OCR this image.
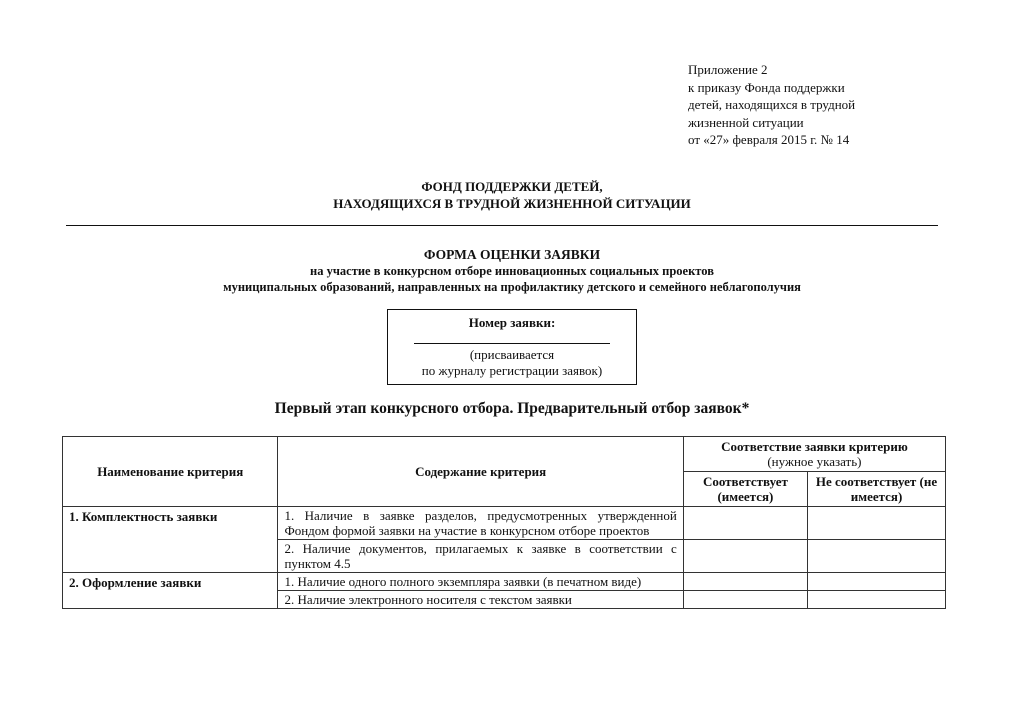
Приложение 2
к приказу Фонда поддержки
детей, находящихся в трудной
жизненной ситуации
от «27» февраля 2015 г. № 14
ФОНД ПОДДЕРЖКИ ДЕТЕЙ,
НАХОДЯЩИХСЯ В ТРУДНОЙ ЖИЗНЕННОЙ СИТУАЦИИ
ФОРМА ОЦЕНКИ ЗАЯВКИ
на участие в конкурсном отборе инновационных социальных проектов
муниципальных образований, направленных на профилактику детского и семейного неблагополучия
Номер заявки:
(присваивается
по журналу регистрации заявок)
Первый этап конкурсного отбора. Предварительный отбор заявок*
Наименование критерия	Содержание критерия	Соответствие заявки критерию
(нужное указать)	

		Соответствует (имеется)	Не соответствует (не имеется)
1. Комплектность заявки	1. Наличие в заявке разделов, предусмотренных утвержденной Фондом формой заявки на участие в конкурсном отборе проектов		
	2. Наличие документов, прилагаемых к заявке в соответствии с пунктом 4.5		
2. Оформление заявки	1. Наличие одного полного экземпляра заявки (в печатном виде)		
	2. Наличие электронного носителя с текстом заявки		
